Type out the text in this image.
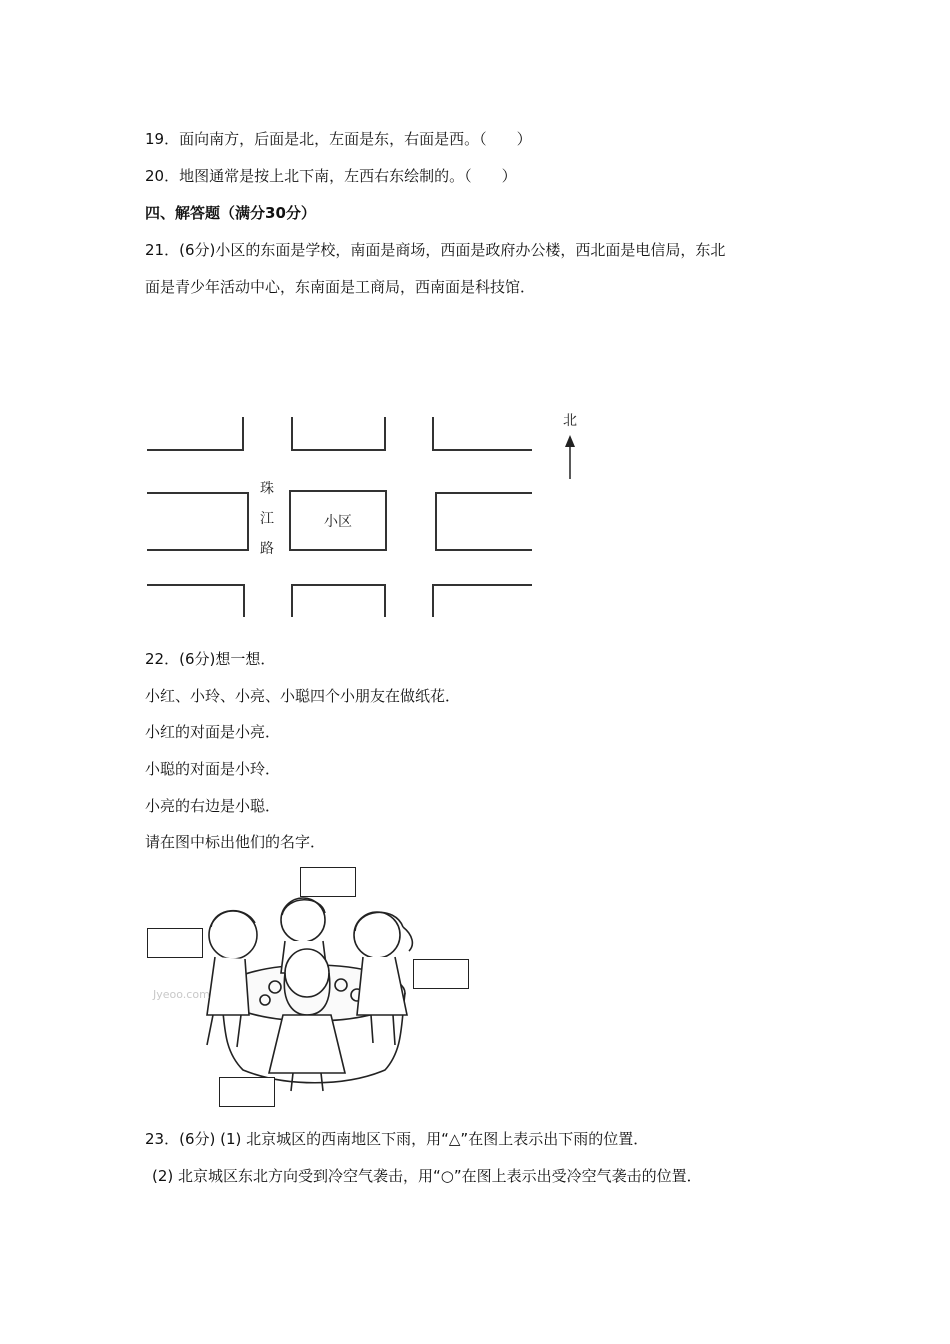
19．面向南方，后面是北，左面是东，右面是西。（　　）
20．地图通常是按上北下南，左西右东绘制的。（　　）
四、解答题（满分30分）
21．(6分)小区的东面是学校，南面是商场，西面是政府办公楼，西北面是电信局，东北
面是青少年活动中心，东南面是工商局，西南面是科技馆．
珠
江
路
小区
北
22．(6分)想一想．
小红、小玲、小亮、小聪四个小朋友在做纸花．
小红的对面是小亮．
小聪的对面是小玲．
小亮的右边是小聪．
请在图中标出他们的名字．
Jyeoo.com
23．(6分) (1) 北京城区的西南地区下雨，用“△”在图上表示出下雨的位置．
(2) 北京城区东北方向受到冷空气袭击，用“○”在图上表示出受冷空气袭击的位置．
